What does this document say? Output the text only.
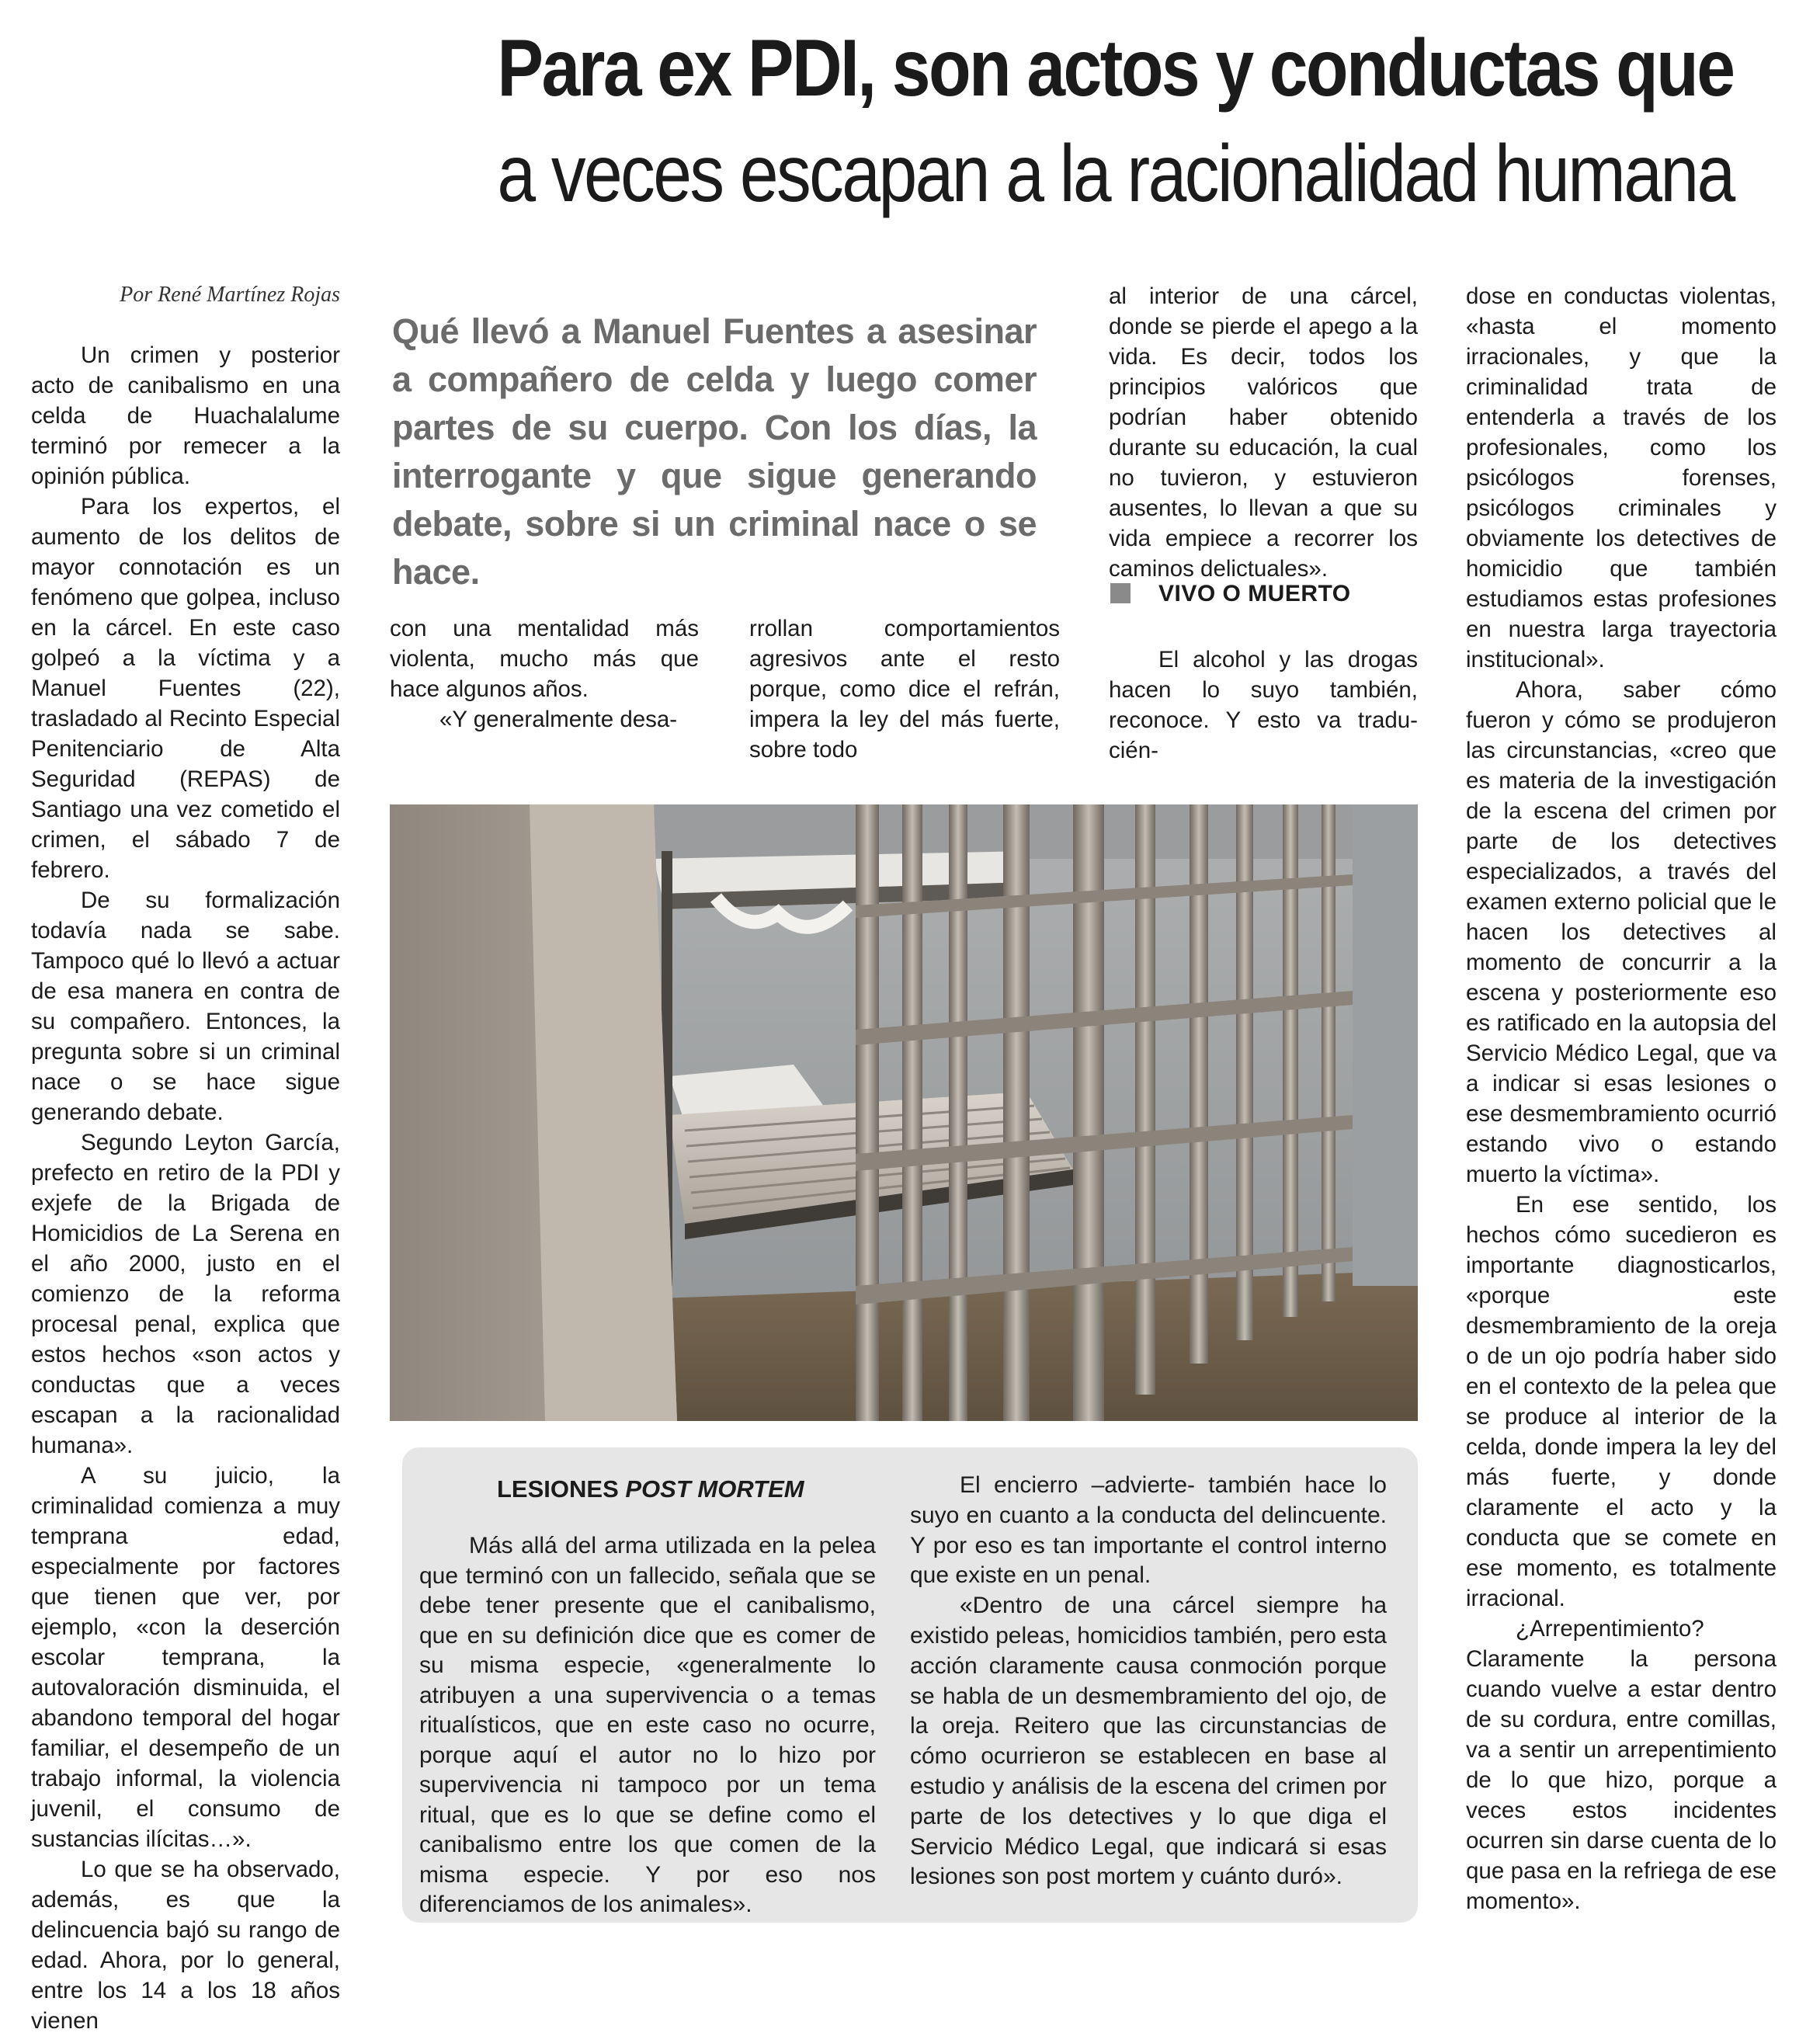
Para ex PDI, son actos y conductas que
a veces escapan a la racionalidad humana
Por René Martínez Rojas

Un crimen y posterior acto de canibalismo en una celda de Huachalalume terminó por remecer a la opinión pública.

Para los expertos, el aumento de los delitos de mayor connotación es un fenómeno que golpea, incluso en la cárcel. En este caso golpeó a la víctima y a Manuel Fuentes (22), trasladado al Recinto Especial Penitenciario de Alta Seguridad (REPAS) de Santiago una vez cometido el crimen, el sábado 7 de febrero.

De su formalización todavía nada se sabe. Tampoco qué lo llevó a actuar de esa manera en contra de su compañero. Entonces, la pregunta sobre si un criminal nace o se hace sigue generando debate.

Segundo Leyton García, prefecto en retiro de la PDI y exjefe de la Brigada de Homicidios de La Serena en el año 2000, justo en el comienzo de la reforma procesal penal, explica que estos hechos «son actos y conductas que a veces escapan a la racionalidad humana».

A su juicio, la criminalidad comienza a muy temprana edad, especialmente por factores que tienen que ver, por ejemplo, «con la deserción escolar temprana, la autovaloración disminuida, el abandono temporal del hogar familiar, el desempeño de un trabajo informal, la violencia juvenil, el consumo de sustancias ilícitas…».

Lo que se ha observado, además, es que la delincuencia bajó su rango de edad. Ahora, por lo general, entre los 14 a los 18 años vienen

Qué llevó a Manuel Fuentes a asesinar a compañero de celda y luego comer partes de su cuerpo. Con los días, la interrogante y que sigue generando debate, sobre si un criminal nace o se hace.

con una mentalidad más violenta, mucho más que hace algunos años.

«Y generalmente desa-

rrollan comportamientos agresivos ante el resto porque, como dice el refrán, impera la ley del más fuerte, sobre todo

al interior de una cárcel, donde se pierde el apego a la vida. Es decir, todos los principios valóricos que podrían haber obtenido durante su educación, la cual no tuvieron, y estuvieron ausentes, lo llevan a que su vida empiece a recorrer los caminos delictuales».

VIVO O MUERTO

El alcohol y las drogas hacen lo suyo también, reconoce. Y esto va traducién-

dose en conductas violentas, «hasta el momento irracionales, y que la criminalidad trata de entenderla a través de los profesionales, como los psicólogos forenses, psicólogos criminales y obviamente los detectives de homicidio que también estudiamos estas profesiones en nuestra larga trayectoria institucional».

Ahora, saber cómo fueron y cómo se produjeron las circunstancias, «creo que es materia de la investigación de la escena del crimen por parte de los detectives especializados, a través del examen externo policial que le hacen los detectives al momento de concurrir a la escena y posteriormente eso es ratificado en la autopsia del Servicio Médico Legal, que va a indicar si esas lesiones o ese desmembramiento ocurrió estando vivo o estando muerto la víctima».

En ese sentido, los hechos cómo sucedieron es importante diagnosticarlos, «porque este desmembramiento de la oreja o de un ojo podría haber sido en el contexto de la pelea que se produce al interior de la celda, donde impera la ley del más fuerte, y donde claramente el acto y la conducta que se comete en ese momento, es totalmente irracional.

¿Arrepentimiento? Claramente la persona cuando vuelve a estar dentro de su cordura, entre comillas, va a sentir un arrepentimiento de lo que hizo, porque a veces estos incidentes ocurren sin darse cuenta de lo que pasa en la refriega de ese momento».

LESIONES POST MORTEM

Más allá del arma utilizada en la pelea que terminó con un fallecido, señala que se debe tener presente que el canibalismo, que en su definición dice que es comer de su misma especie, «generalmente lo atribuyen a una supervivencia o a temas ritualísticos, que en este caso no ocurre, porque aquí el autor no lo hizo por supervivencia ni tampoco por un tema ritual, que es lo que se define como el canibalismo entre los que comen de la misma especie. Y por eso nos diferenciamos de los animales».

El encierro –advierte- también hace lo suyo en cuanto a la conducta del delincuente. Y por eso es tan importante el control interno que existe en un penal.

«Dentro de una cárcel siempre ha existido peleas, homicidios también, pero esta acción claramente causa conmoción porque se habla de un desmembramiento del ojo, de la oreja. Reitero que las circunstancias de cómo ocurrieron se establecen en base al estudio y análisis de la escena del crimen por parte de los detectives y lo que diga el Servicio Médico Legal, que indicará si esas lesiones son post mortem y cuánto duró».
